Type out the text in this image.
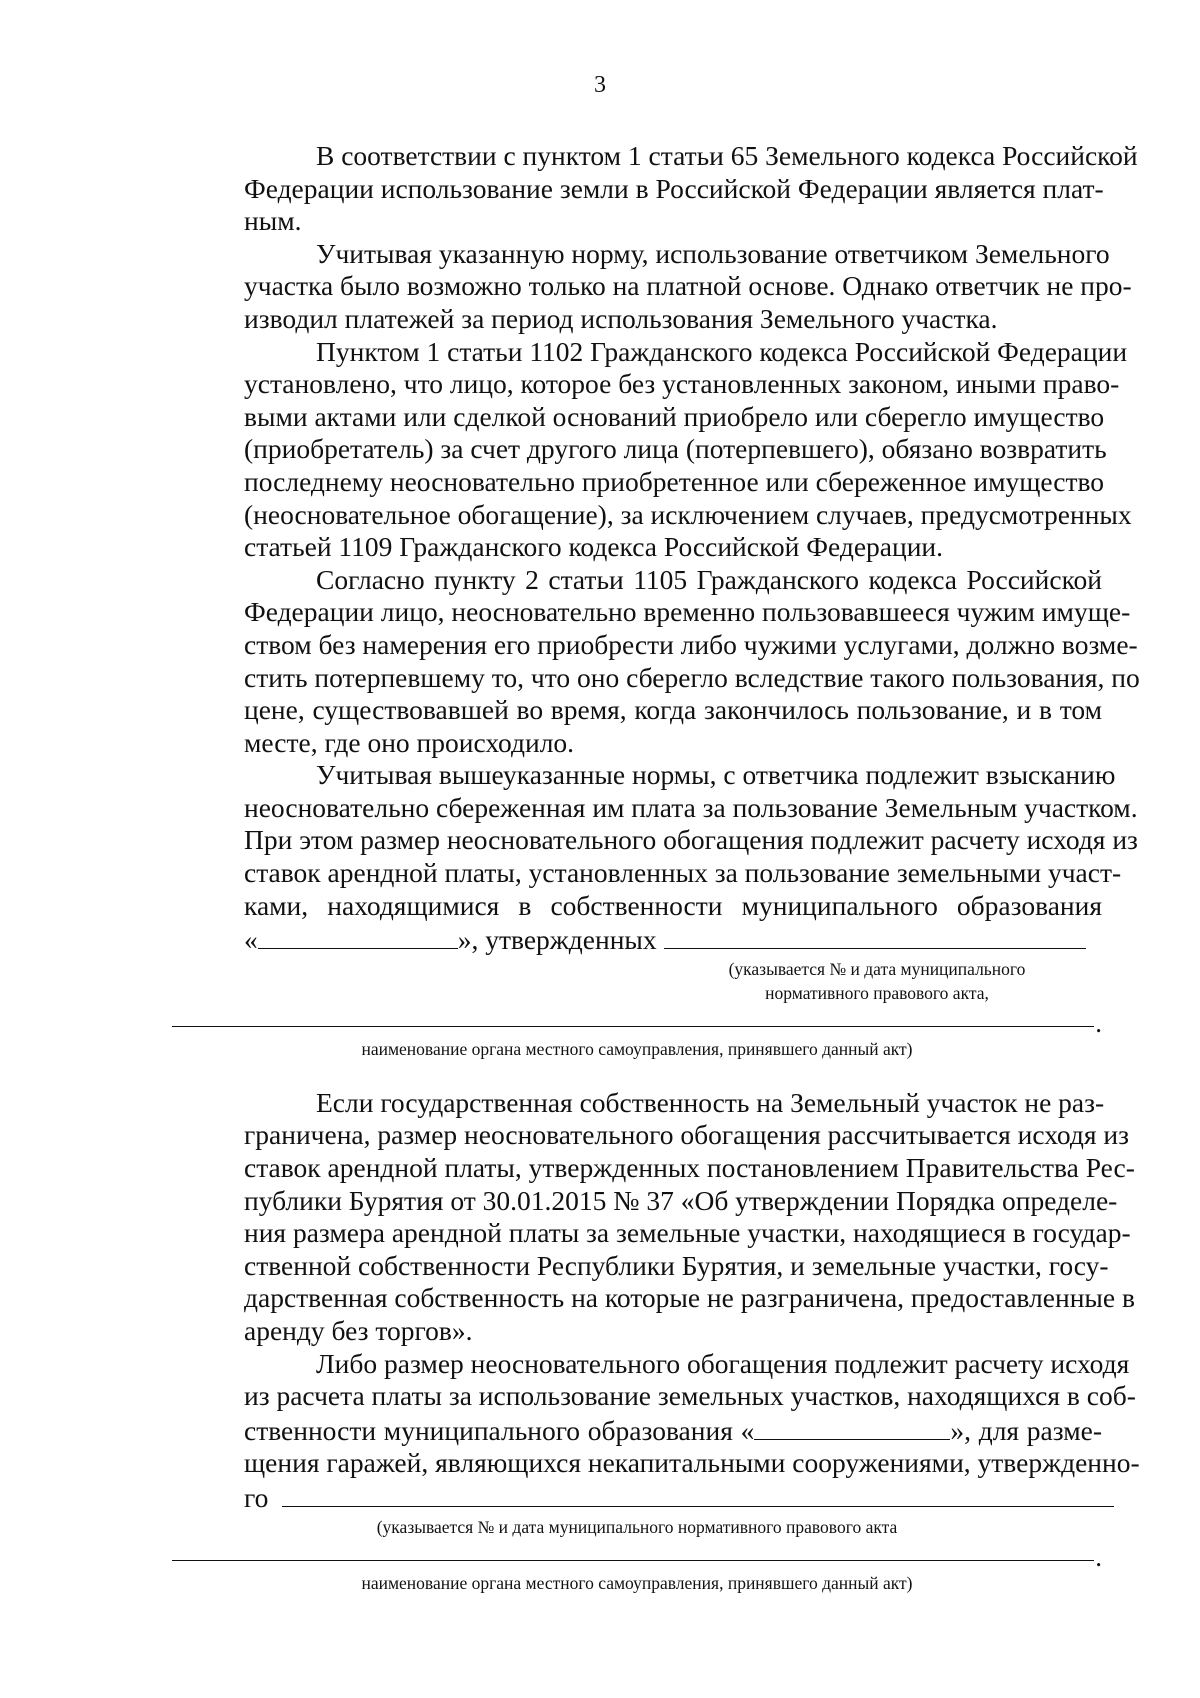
3
В соответствии с пунктом 1 статьи 65 Земельного кодекса Российской
Федерации использование земли в Российской Федерации является плат-
ным.
Учитывая указанную норму, использование ответчиком Земельного
участка было возможно только на платной основе. Однако ответчик не про-
изводил платежей за период использования Земельного участка.
Пунктом 1 статьи 1102 Гражданского кодекса Российской Федерации
установлено, что лицо, которое без установленных законом, иными право-
выми актами или сделкой оснований приобрело или сберегло имущество
(приобретатель) за счет другого лица (потерпевшего), обязано возвратить
последнему неосновательно приобретенное или сбереженное имущество
(неосновательное обогащение), за исключением случаев, предусмотренных
статьей 1109 Гражданского кодекса Российской Федерации.
Согласно пункту 2 статьи 1105 Гражданского кодекса Российской
Федерации лицо, неосновательно временно пользовавшееся чужим имуще-
ством без намерения его приобрести либо чужими услугами, должно возме-
стить потерпевшему то, что оно сберегло вследствие такого пользования, по
цене, существовавшей во время, когда закончилось пользование, и в том
месте, где оно происходило.
Учитывая вышеуказанные нормы, с ответчика подлежит взысканию
неосновательно сбереженная им плата за пользование Земельным участком.
При этом размер неосновательного обогащения подлежит расчету исходя из
ставок арендной платы, установленных за пользование земельными участ-
ками, находящимися в собственности муниципального образования
«	», утвержденных
(указывается № и дата муниципального
нормативного правового акта,
.
наименование органа местного самоуправления, принявшего данный акт)
Если государственная собственность на Земельный участок не раз-
граничена, размер неосновательного обогащения рассчитывается исходя из
ставок арендной платы, утвержденных постановлением Правительства Рес-
публики Бурятия от 30.01.2015 № 37 «Об утверждении Порядка определе-
ния размера арендной платы за земельные участки, находящиеся в государ-
ственной собственности Республики Бурятия, и земельные участки, госу-
дарственная собственность на которые не разграничена, предоставленные в
аренду без торгов».
Либо размер неосновательного обогащения подлежит расчету исходя
из расчета платы за использование земельных участков, находящихся в соб-
ственности муниципального образования «	», для разме-
щения гаражей, являющихся некапитальными сооружениями, утвержденно-
го
(указывается № и дата муниципального нормативного правового акта
.
наименование органа местного самоуправления, принявшего данный акт)
